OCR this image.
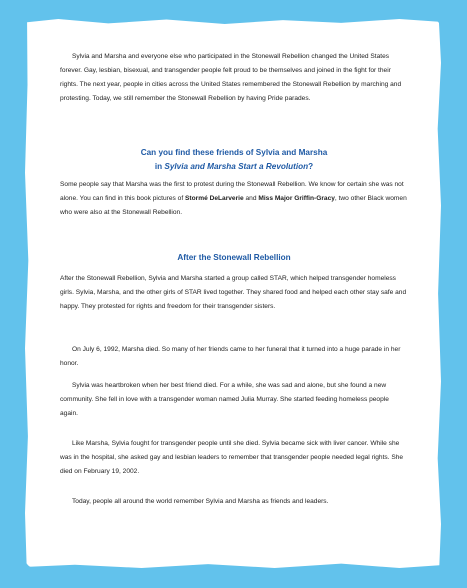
Sylvia and Marsha and everyone else who participated in the Stonewall Rebellion changed the United States forever. Gay, lesbian, bisexual, and transgender people felt proud to be themselves and joined in the fight for their rights. The next year, people in cities across the United States remembered the Stonewall Rebellion by marching and protesting. Today, we still remember the Stonewall Rebellion by having Pride parades.

Can you find these friends of Sylvia and Marsha
in Sylvia and Marsha Start a Revolution?

Some people say that Marsha was the first to protest during the Stonewall Rebellion. We know for certain she was not alone. You can find in this book pictures of Stormé DeLarverie and Miss Major Griffin-Gracy, two other Black women who were also at the Stonewall Rebellion.

After the Stonewall Rebellion

After the Stonewall Rebellion, Sylvia and Marsha started a group called STAR, which helped transgender homeless girls. Sylvia, Marsha, and the other girls of STAR lived together. They shared food and helped each other stay safe and happy. They protested for rights and freedom for their transgender sisters.

On July 6, 1992, Marsha died. So many of her friends came to her funeral that it turned into a huge parade in her honor.

Sylvia was heartbroken when her best friend died. For a while, she was sad and alone, but she found a new community. She fell in love with a transgender woman named Julia Murray. She started feeding homeless people again.

Like Marsha, Sylvia fought for transgender people until she died. Sylvia became sick with liver cancer. While she was in the hospital, she asked gay and lesbian leaders to remember that transgender people needed legal rights. She died on February 19, 2002.

Today, people all around the world remember Sylvia and Marsha as friends and leaders.
